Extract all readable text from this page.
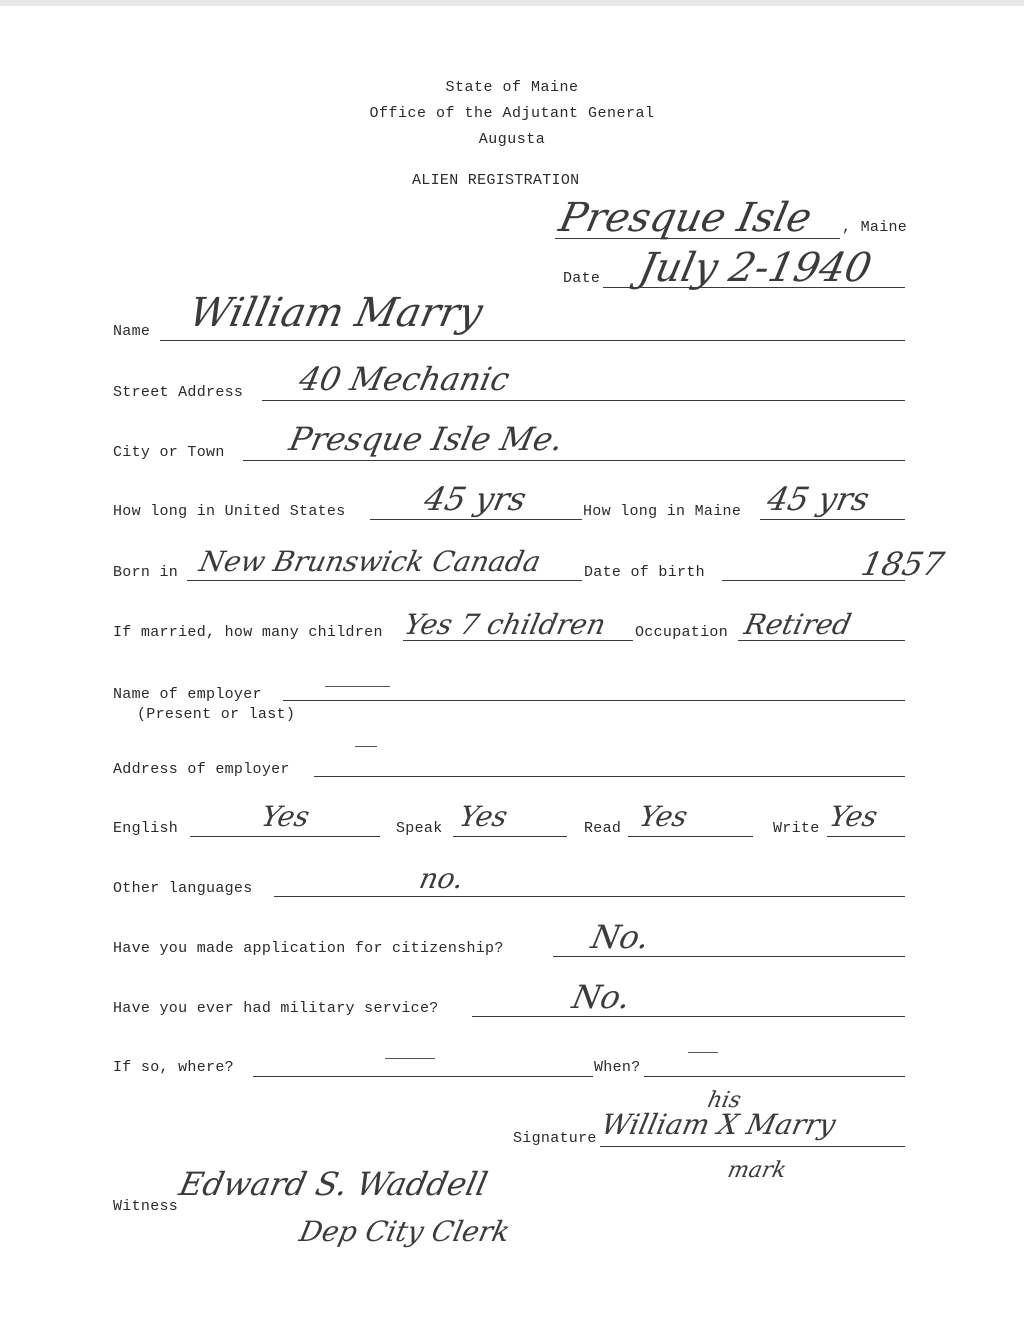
State of Maine
Office of the Adjutant General
Augusta
ALIEN REGISTRATION
Presque Isle , Maine
Date July 2-1940
Name William Marry
Street Address 40 Mechanic
City or Town Presque Isle Me.
How long in United States 45 yrs	How long in Maine 45 yrs
Born in New Brunswick Canada	Date of birth	1857
If married, how many children Yes 7 children Occupation Retired
Name of employer
(Present or last)
Address of employer
English	Yes	Speak Yes	Read Yes	Write Yes
Other languages	no.
Have you made application for citizenship?	No.
Have you ever had military service?	No.
If so, where?	When?
Signature
his
William X Marry
mark
Witness
Edward S. Waddell
Dep City Clerk
